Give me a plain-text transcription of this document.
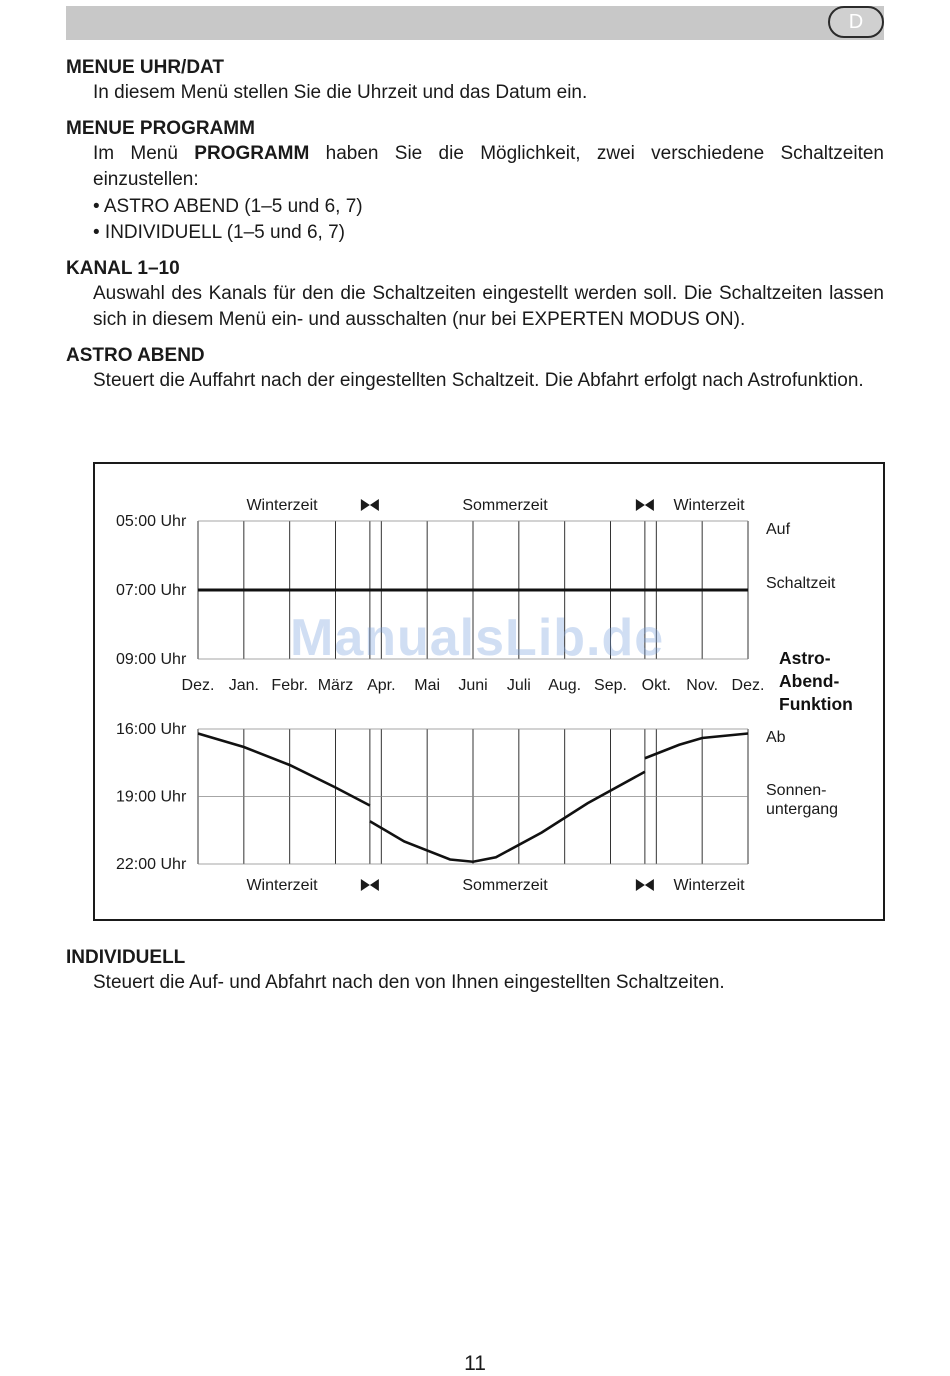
D
MENUE UHR/DAT

In diesem Menü stellen Sie die Uhrzeit und das Datum ein.

MENUE PROGRAMM

Im Menü PROGRAMM haben Sie die Möglichkeit, zwei verschiedene Schaltzeiten einzustellen:

• ASTRO ABEND (1–5 und 6, 7)
• INDIVIDUELL (1–5 und 6, 7)
KANAL 1–10

Auswahl des Kanals für den die Schaltzeiten eingestellt werden soll. Die Schaltzeiten lassen sich in diesem Menü ein- und ausschalten (nur bei EXPERTEN MODUS ON).

ASTRO ABEND

Steuert die Auffahrt nach der eingestellten Schaltzeit. Die Abfahrt erfolgt nach Astrofunktion.

05:00 Uhr
07:00 Uhr
09:00 Uhr
Winterzeit	Sommerzeit	Winterzeit
16:00 Uhr
19:00 Uhr
22:00 Uhr
Winterzeit	Sommerzeit	Winterzeit
Dez. Jan. Febr. März Apr. Mai Juni Juli Aug. Sep. Okt. Nov. Dez.
Auf
Schaltzeit
Ab
Sonnen-
untergang
Astro-
Abend-
Funktion
ManualsLib.de
INDIVIDUELL

Steuert die Auf- und Abfahrt nach den von Ihnen eingestellten Schaltzeiten.

11
